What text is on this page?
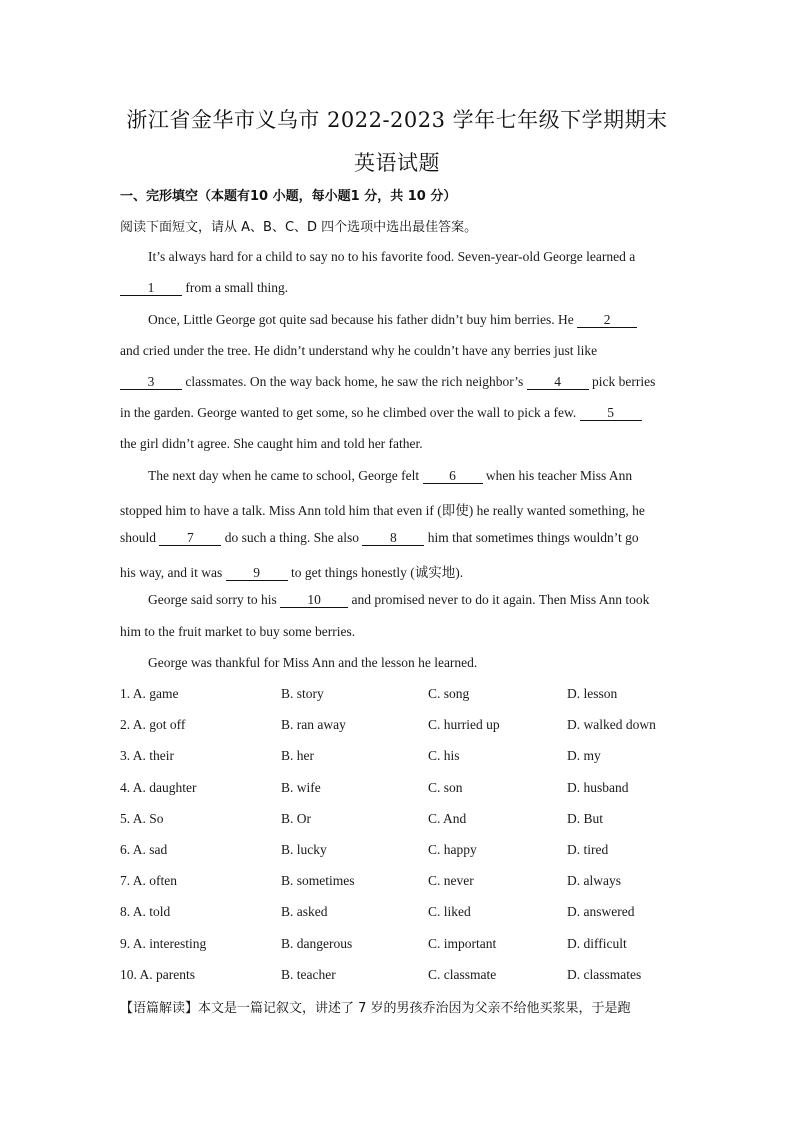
浙江省金华市义乌市 2022-2023 学年七年级下学期期末
英语试题
一、完形填空（本题有10 小题，每小题1 分，共 10 分）
阅读下面短文，请从 A、B、C、D 四个选项中选出最佳答案。
It’s always hard for a child to say no to his favorite food. Seven-year-old George learned a
1 from a small thing.
Once, Little George got quite sad because his father didn’t buy him berries. He 2
and cried under the tree. He didn’t understand why he couldn’t have any berries just like
3 classmates. On the way back home, he saw the rich neighbor’s 4 pick berries
in the garden. George wanted to get some, so he climbed over the wall to pick a few. 5
the girl didn’t agree. She caught him and told her father.
The next day when he came to school, George felt 6 when his teacher Miss Ann
stopped him to have a talk. Miss Ann told him that even if (即使) he really wanted something, he
should 7 do such a thing. She also 8 him that sometimes things wouldn’t go
his way, and it was 9 to get things honestly (诚实地).
George said sorry to his 10 and promised never to do it again. Then Miss Ann took
him to the fruit market to buy some berries.
George was thankful for Miss Ann and the lesson he learned.
1. A. game	B. story	C. song	D. lesson
2. A. got off	B. ran away	C. hurried up	D. walked down
3. A. their	B. her	C. his	D. my
4. A. daughter	B. wife	C. son	D. husband
5. A. So	B. Or	C. And	D. But
6. A. sad	B. lucky	C. happy	D. tired
7. A. often	B. sometimes	C. never	D. always
8. A. told	B. asked	C. liked	D. answered
9. A. interesting	B. dangerous	C. important	D. difficult
10. A. parents	B. teacher	C. classmate	D. classmates
【语篇解读】本文是一篇记叙文，讲述了 7 岁的男孩乔治因为父亲不给他买浆果，于是跑
